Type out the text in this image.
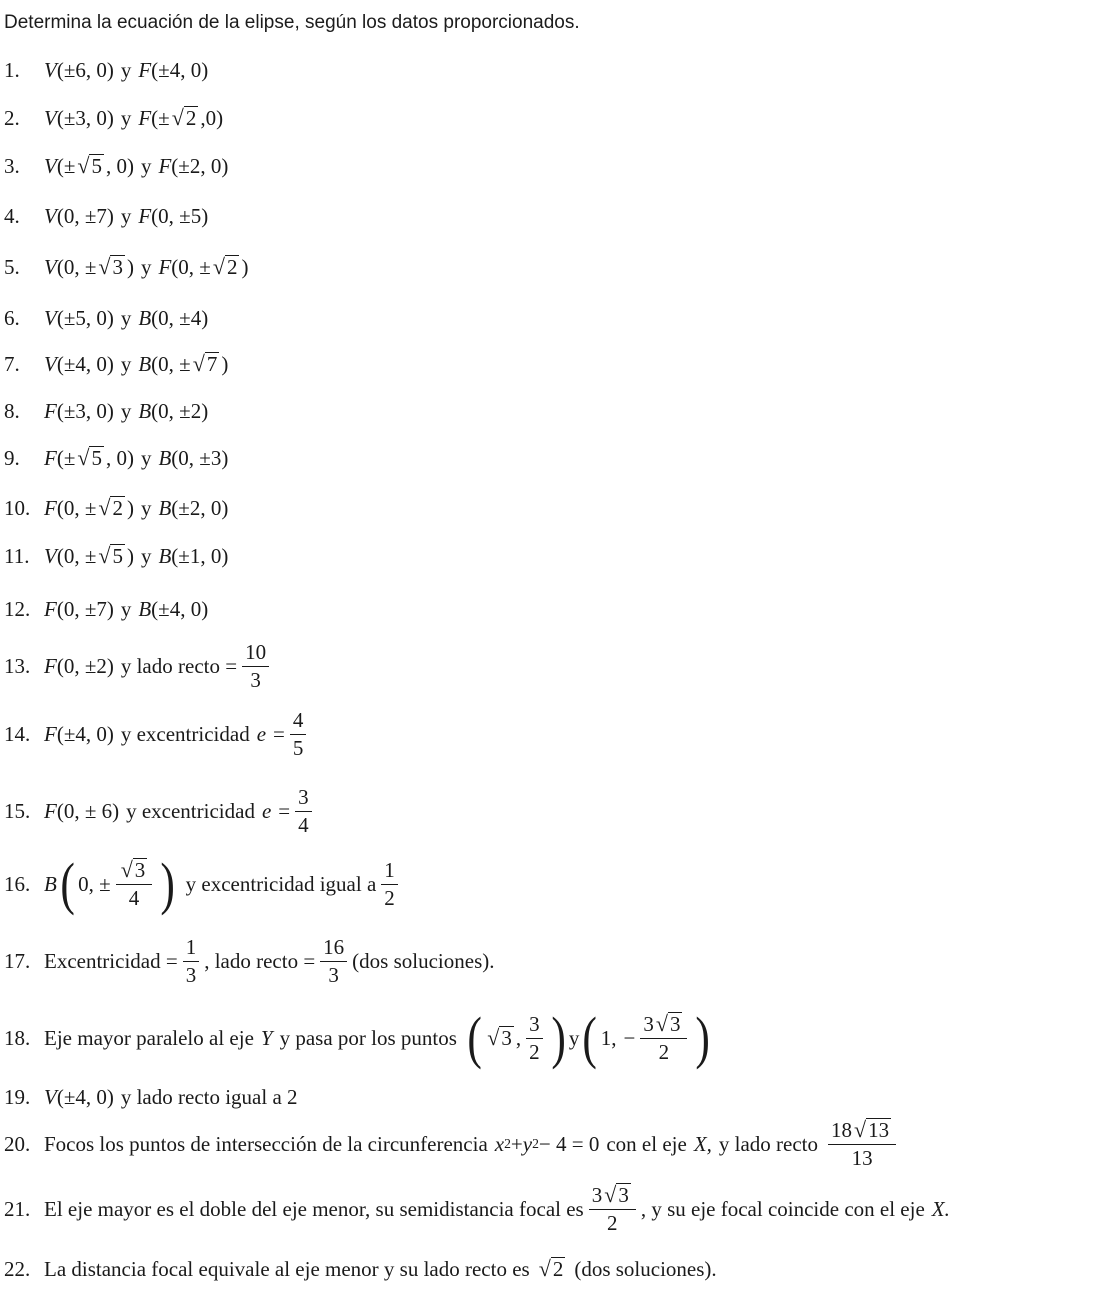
Determina la ecuación de la elipse, según los datos proporcionados.
1.	V (±6, 0) y F (±4, 0)
2.	V (±3, 0) y F (± √ 2 ,0)
3.	V (± √ 5 , 0) y F (±2, 0)
4.	V (0, ±7) y F (0, ±5)
5.	V (0, ± √ 3 ) y F (0, ± √ 2 )
6.	V (±5, 0) y B (0, ±4)
7.	V (±4, 0) y B (0, ± √ 7 )
8.	F (±3, 0) y B (0, ±2)
9.	F (± √ 5 , 0) y B (0, ±3)
10. F (0, ± √ 2 ) y B (±2, 0)
11. V (0, ± √ 5 ) y B (±1, 0)
12. F (0, ±7) y B (±4, 0)
13. F (0, ±2) y lado recto = $\frac{10}{3}$
14. F (±4, 0) y excentricidad $e = \frac{4}{5}$
15. F (0, ± 6) y excentricidad $e = \frac{3}{4}$
16. B ( 0, ± $\frac{√ 3}{4}$ ) y excentricidad igual a $\frac{1}{2}$
17. Excentricidad = $\frac{1}{3}$ , lado recto = $\frac{16}{3} (dos$ soluciones).
18. Eje mayor paralelo al eje Y y pasa por los puntos ( √ 3 , $\frac{3}{2}$ ) y ( 1, − $\frac{3 √ 3}{2}$ )
19. V (±4, 0) y lado recto igual a 2
20. Focos los puntos de intersección de la circunferencia x 2 + y 2 − 4 = 0 con el eje X, y lado recto $\frac{18 √ 13}{13}$
21. El eje mayor es el doble del eje menor, su semidistancia focal es $\frac{3 √ 3}{2}$ , y su eje focal coincide con el eje X.
22. La distancia focal equivale al eje menor y su lado recto es √ 2 (dos soluciones).
